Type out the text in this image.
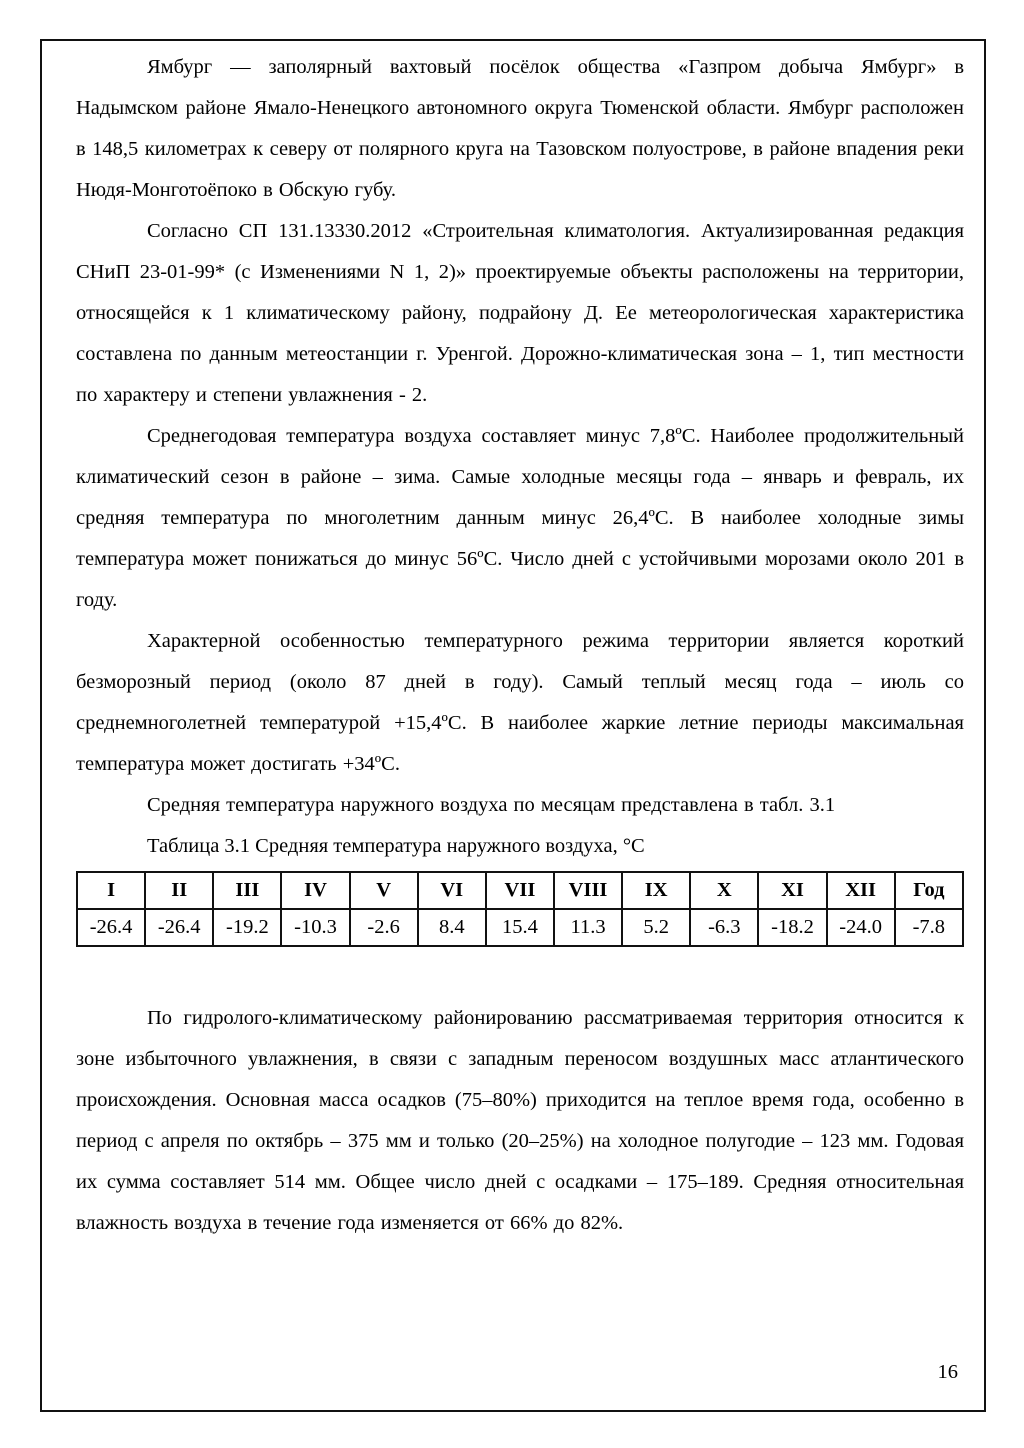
Ямбург — заполярный вахтовый посёлок общества «Газпром добыча Ямбург» в Надымском районе Ямало-Ненецкого автономного округа Тюменской области. Ямбург расположен в 148,5 километрах к северу от полярного круга на Тазовском полуострове, в районе впадения реки Нюдя-Монготоёпоко в Обскую губу.

Согласно СП 131.13330.2012 «Строительная климатология. Актуализированная редакция СНиП 23-01-99* (с Изменениями N 1, 2)» проектируемые объекты расположены на территории, относящейся к 1 климатическому району, подрайону Д. Ее метеорологическая характеристика составлена по данным метеостанции г. Уренгой. Дорожно-климатическая зона – 1, тип местности по характеру и степени увлажнения - 2.

Среднегодовая температура воздуха составляет минус 7,8ºС. Наиболее продолжительный климатический сезон в районе – зима. Самые холодные месяцы года – январь и февраль, их средняя температура по многолетним данным минус 26,4ºС. В наиболее холодные зимы температура может понижаться до минус 56ºС. Число дней с устойчивыми морозами около 201 в году.

Характерной особенностью температурного режима территории является короткий безморозный период (около 87 дней в году). Самый теплый месяц года – июль со среднемноголетней температурой +15,4ºС. В наиболее жаркие летние периоды максимальная температура может достигать +34ºС.

Средняя температура наружного воздуха по месяцам представлена в табл. 3.1

Таблица 3.1 Средняя температура наружного воздуха, °С

I	II	III	IV	V	VI	VII	VIII	IX	X	XI	XII	Год
-26.4	-26.4	-19.2	-10.3	-2.6	8.4	15.4	11.3	5.2	-6.3	-18.2	-24.0	-7.8

По гидролого-климатическому районированию рассматриваемая территория относится к зоне избыточного увлажнения, в связи с западным переносом воздушных масс атлантического происхождения. Основная масса осадков (75–80%) приходится на теплое время года, особенно в период с апреля по октябрь – 375 мм и только (20–25%) на холодное полугодие – 123 мм. Годовая их сумма составляет 514 мм. Общее число дней с осадками – 175–189. Средняя относительная влажность воздуха в течение года изменяется от 66% до 82%.

16
